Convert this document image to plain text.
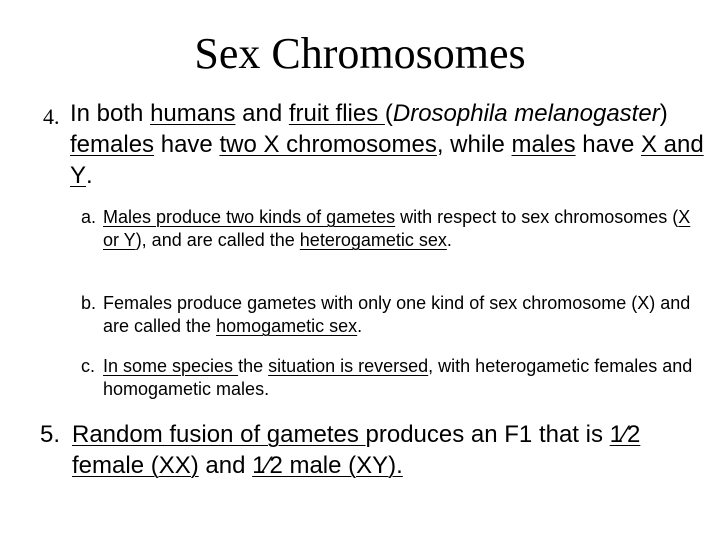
Sex Chromosomes
4. In both humans and fruit flies (Drosophila melanogaster) females have two X chromosomes, while males have X and Y.
a. Males produce two kinds of gametes with respect to sex chromosomes (X or Y), and are called the heterogametic sex.
b. Females produce gametes with only one kind of sex chromosome (X) and are called the homogametic sex.
c. In some species the situation is reversed, with heterogametic females and homogametic males.
5. Random fusion of gametes produces an F1 that is 1⁄2 female (XX) and 1⁄2 male (XY).
